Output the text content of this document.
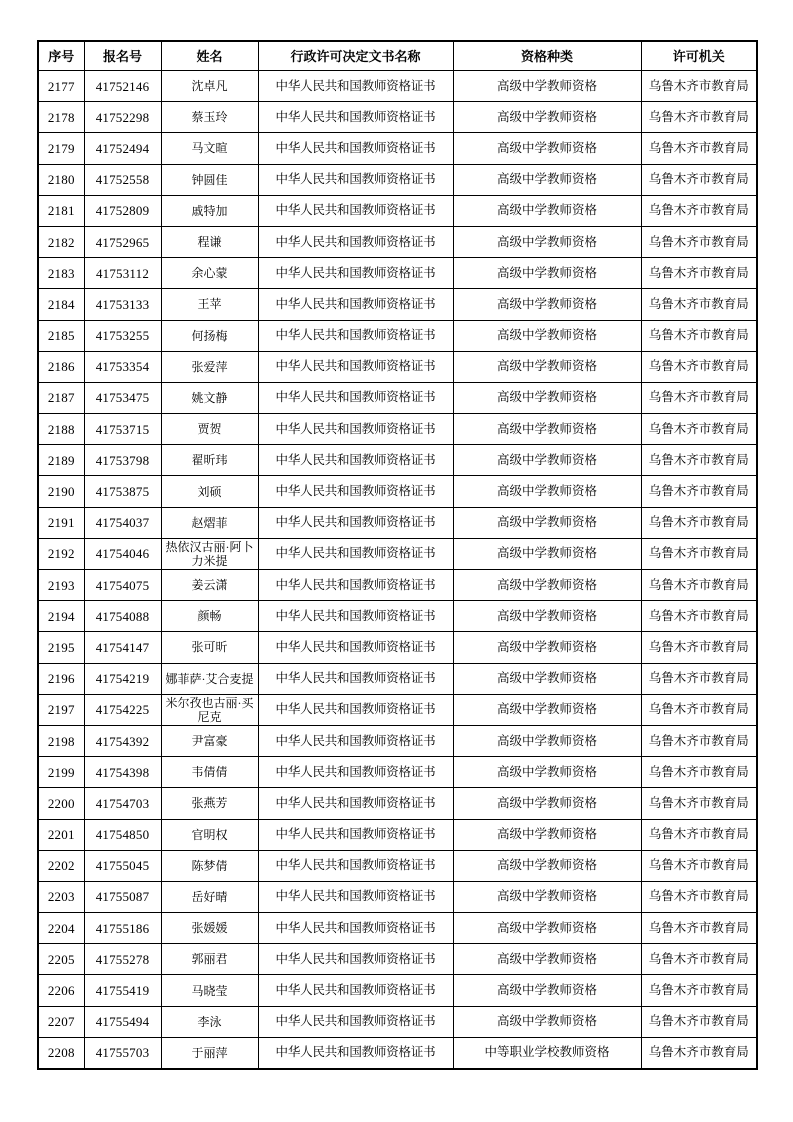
序号	报名号	姓名	行政许可决定文书名称	资格种类	许可机关
2177	41752146	沈卓凡	中华人民共和国教师资格证书	高级中学教师资格	乌鲁木齐市教育局
2178	41752298	蔡玉玲	中华人民共和国教师资格证书	高级中学教师资格	乌鲁木齐市教育局
2179	41752494	马文暄	中华人民共和国教师资格证书	高级中学教师资格	乌鲁木齐市教育局
2180	41752558	钟圆佳	中华人民共和国教师资格证书	高级中学教师资格	乌鲁木齐市教育局
2181	41752809	戚特加	中华人民共和国教师资格证书	高级中学教师资格	乌鲁木齐市教育局
2182	41752965	程谦	中华人民共和国教师资格证书	高级中学教师资格	乌鲁木齐市教育局
2183	41753112	余心蒙	中华人民共和国教师资格证书	高级中学教师资格	乌鲁木齐市教育局
2184	41753133	王苹	中华人民共和国教师资格证书	高级中学教师资格	乌鲁木齐市教育局
2185	41753255	何扬梅	中华人民共和国教师资格证书	高级中学教师资格	乌鲁木齐市教育局
2186	41753354	张爱萍	中华人民共和国教师资格证书	高级中学教师资格	乌鲁木齐市教育局
2187	41753475	姚文静	中华人民共和国教师资格证书	高级中学教师资格	乌鲁木齐市教育局
2188	41753715	贾贺	中华人民共和国教师资格证书	高级中学教师资格	乌鲁木齐市教育局
2189	41753798	翟昕玮	中华人民共和国教师资格证书	高级中学教师资格	乌鲁木齐市教育局
2190	41753875	刘硕	中华人民共和国教师资格证书	高级中学教师资格	乌鲁木齐市教育局
2191	41754037	赵熠菲	中华人民共和国教师资格证书	高级中学教师资格	乌鲁木齐市教育局
2192	41754046	热依汉古丽·阿卜力米提	中华人民共和国教师资格证书	高级中学教师资格	乌鲁木齐市教育局
2193	41754075	姜云潇	中华人民共和国教师资格证书	高级中学教师资格	乌鲁木齐市教育局
2194	41754088	颜畅	中华人民共和国教师资格证书	高级中学教师资格	乌鲁木齐市教育局
2195	41754147	张可昕	中华人民共和国教师资格证书	高级中学教师资格	乌鲁木齐市教育局
2196	41754219	娜菲萨·艾合麦提	中华人民共和国教师资格证书	高级中学教师资格	乌鲁木齐市教育局
2197	41754225	米尔孜也古丽·买尼克	中华人民共和国教师资格证书	高级中学教师资格	乌鲁木齐市教育局
2198	41754392	尹富豪	中华人民共和国教师资格证书	高级中学教师资格	乌鲁木齐市教育局
2199	41754398	韦倩倩	中华人民共和国教师资格证书	高级中学教师资格	乌鲁木齐市教育局
2200	41754703	张燕芳	中华人民共和国教师资格证书	高级中学教师资格	乌鲁木齐市教育局
2201	41754850	官明权	中华人民共和国教师资格证书	高级中学教师资格	乌鲁木齐市教育局
2202	41755045	陈梦倩	中华人民共和国教师资格证书	高级中学教师资格	乌鲁木齐市教育局
2203	41755087	岳好晴	中华人民共和国教师资格证书	高级中学教师资格	乌鲁木齐市教育局
2204	41755186	张媛媛	中华人民共和国教师资格证书	高级中学教师资格	乌鲁木齐市教育局
2205	41755278	郭丽君	中华人民共和国教师资格证书	高级中学教师资格	乌鲁木齐市教育局
2206	41755419	马晓莹	中华人民共和国教师资格证书	高级中学教师资格	乌鲁木齐市教育局
2207	41755494	李泳	中华人民共和国教师资格证书	高级中学教师资格	乌鲁木齐市教育局
2208	41755703	于丽萍	中华人民共和国教师资格证书	中等职业学校教师资格	乌鲁木齐市教育局
